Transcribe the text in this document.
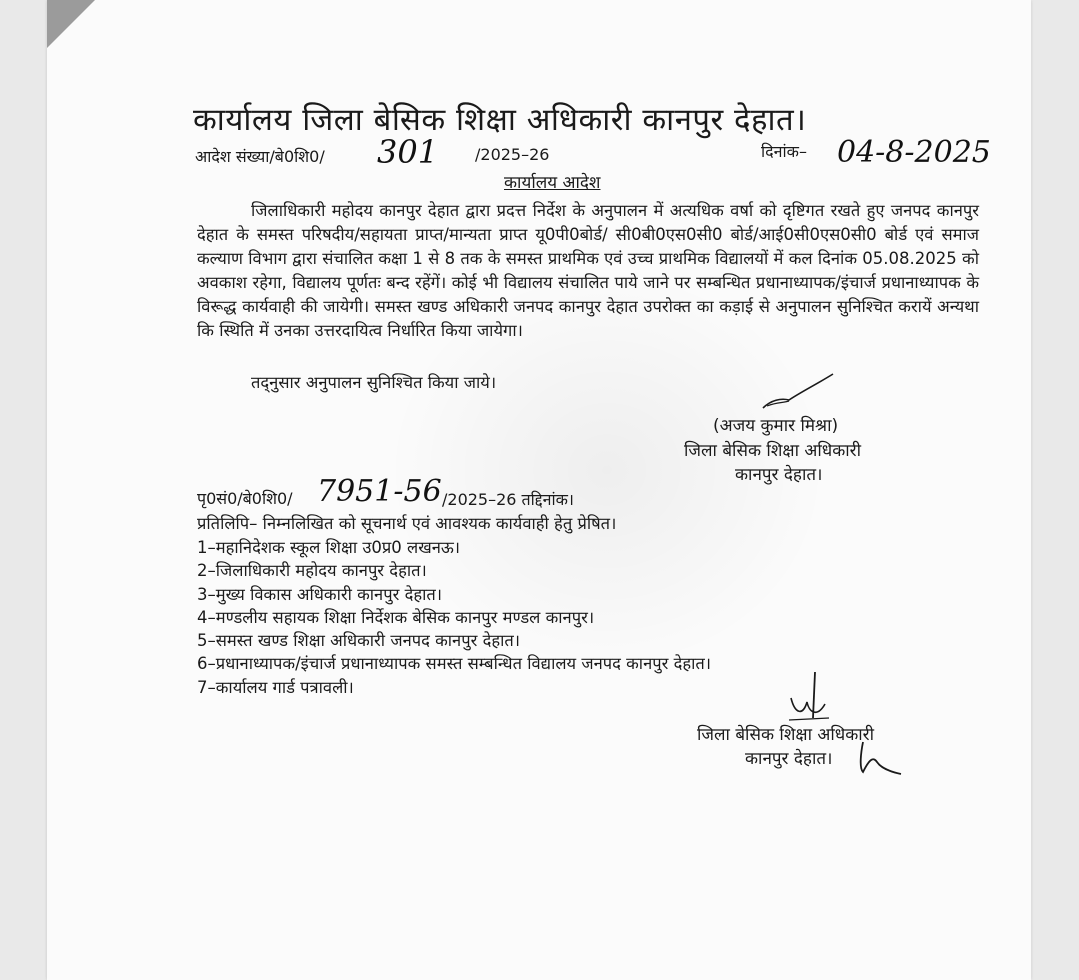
कार्यालय जिला बेसिक शिक्षा अधिकारी कानपुर देहात।
आदेश संख्या/बे0शि0/ 301 /2025–26	दिनांक– 04-8-2025
कार्यालय आदेश
जिलाधिकारी महोदय कानपुर देहात द्वारा प्रदत्त निर्देश के अनुपालन में अत्यधिक वर्षा को दृष्टिगत रखते हुए जनपद कानपुर देहात के समस्त परिषदीय/सहायता प्राप्त/मान्यता प्राप्त यू0पी0बोर्ड/ सी0बी0एस0सी0 बोर्ड/आई0सी0एस0सी0 बोर्ड एवं समाज कल्याण विभाग द्वारा संचालित कक्षा 1 से 8 तक के समस्त प्राथमिक एवं उच्च प्राथमिक विद्यालयों में कल दिनांक 05.08.2025 को अवकाश रहेगा, विद्यालय पूर्णतः बन्द रहेंगें। कोई भी विद्यालय संचालित पाये जाने पर सम्बन्धित प्रधानाध्यापक/इंचार्ज प्रधानाध्यापक के विरूद्ध कार्यवाही की जायेगी। समस्त खण्ड अधिकारी जनपद कानपुर देहात उपरोक्त का कड़ाई से अनुपालन सुनिश्चित करायें अन्यथा कि स्थिति में उनका उत्तरदायित्व निर्धारित किया जायेगा।
तद्नुसार अनुपालन सुनिश्चित किया जाये।
(अजय कुमार मिश्रा)
जिला बेसिक शिक्षा अधिकारी
कानपुर देहात।
पृ0सं0/बे0शि0/ 7951-56 /2025–26 तद्दिनांक।
प्रतिलिपि– निम्नलिखित को सूचनार्थ एवं आवश्यक कार्यवाही हेतु प्रेषित।
1–महानिदेशक स्कूल शिक्षा उ0प्र0 लखनऊ।
2–जिलाधिकारी महोदय कानपुर देहात।
3–मुख्य विकास अधिकारी कानपुर देहात।
4–मण्डलीय सहायक शिक्षा निर्देशक बेसिक कानपुर मण्डल कानपुर।
5–समस्त खण्ड शिक्षा अधिकारी जनपद कानपुर देहात।
6–प्रधानाध्यापक/इंचार्ज प्रधानाध्यापक समस्त सम्बन्धित विद्यालय जनपद कानपुर देहात।
7–कार्यालय गार्ड पत्रावली।
जिला बेसिक शिक्षा अधिकारी
कानपुर देहात।
